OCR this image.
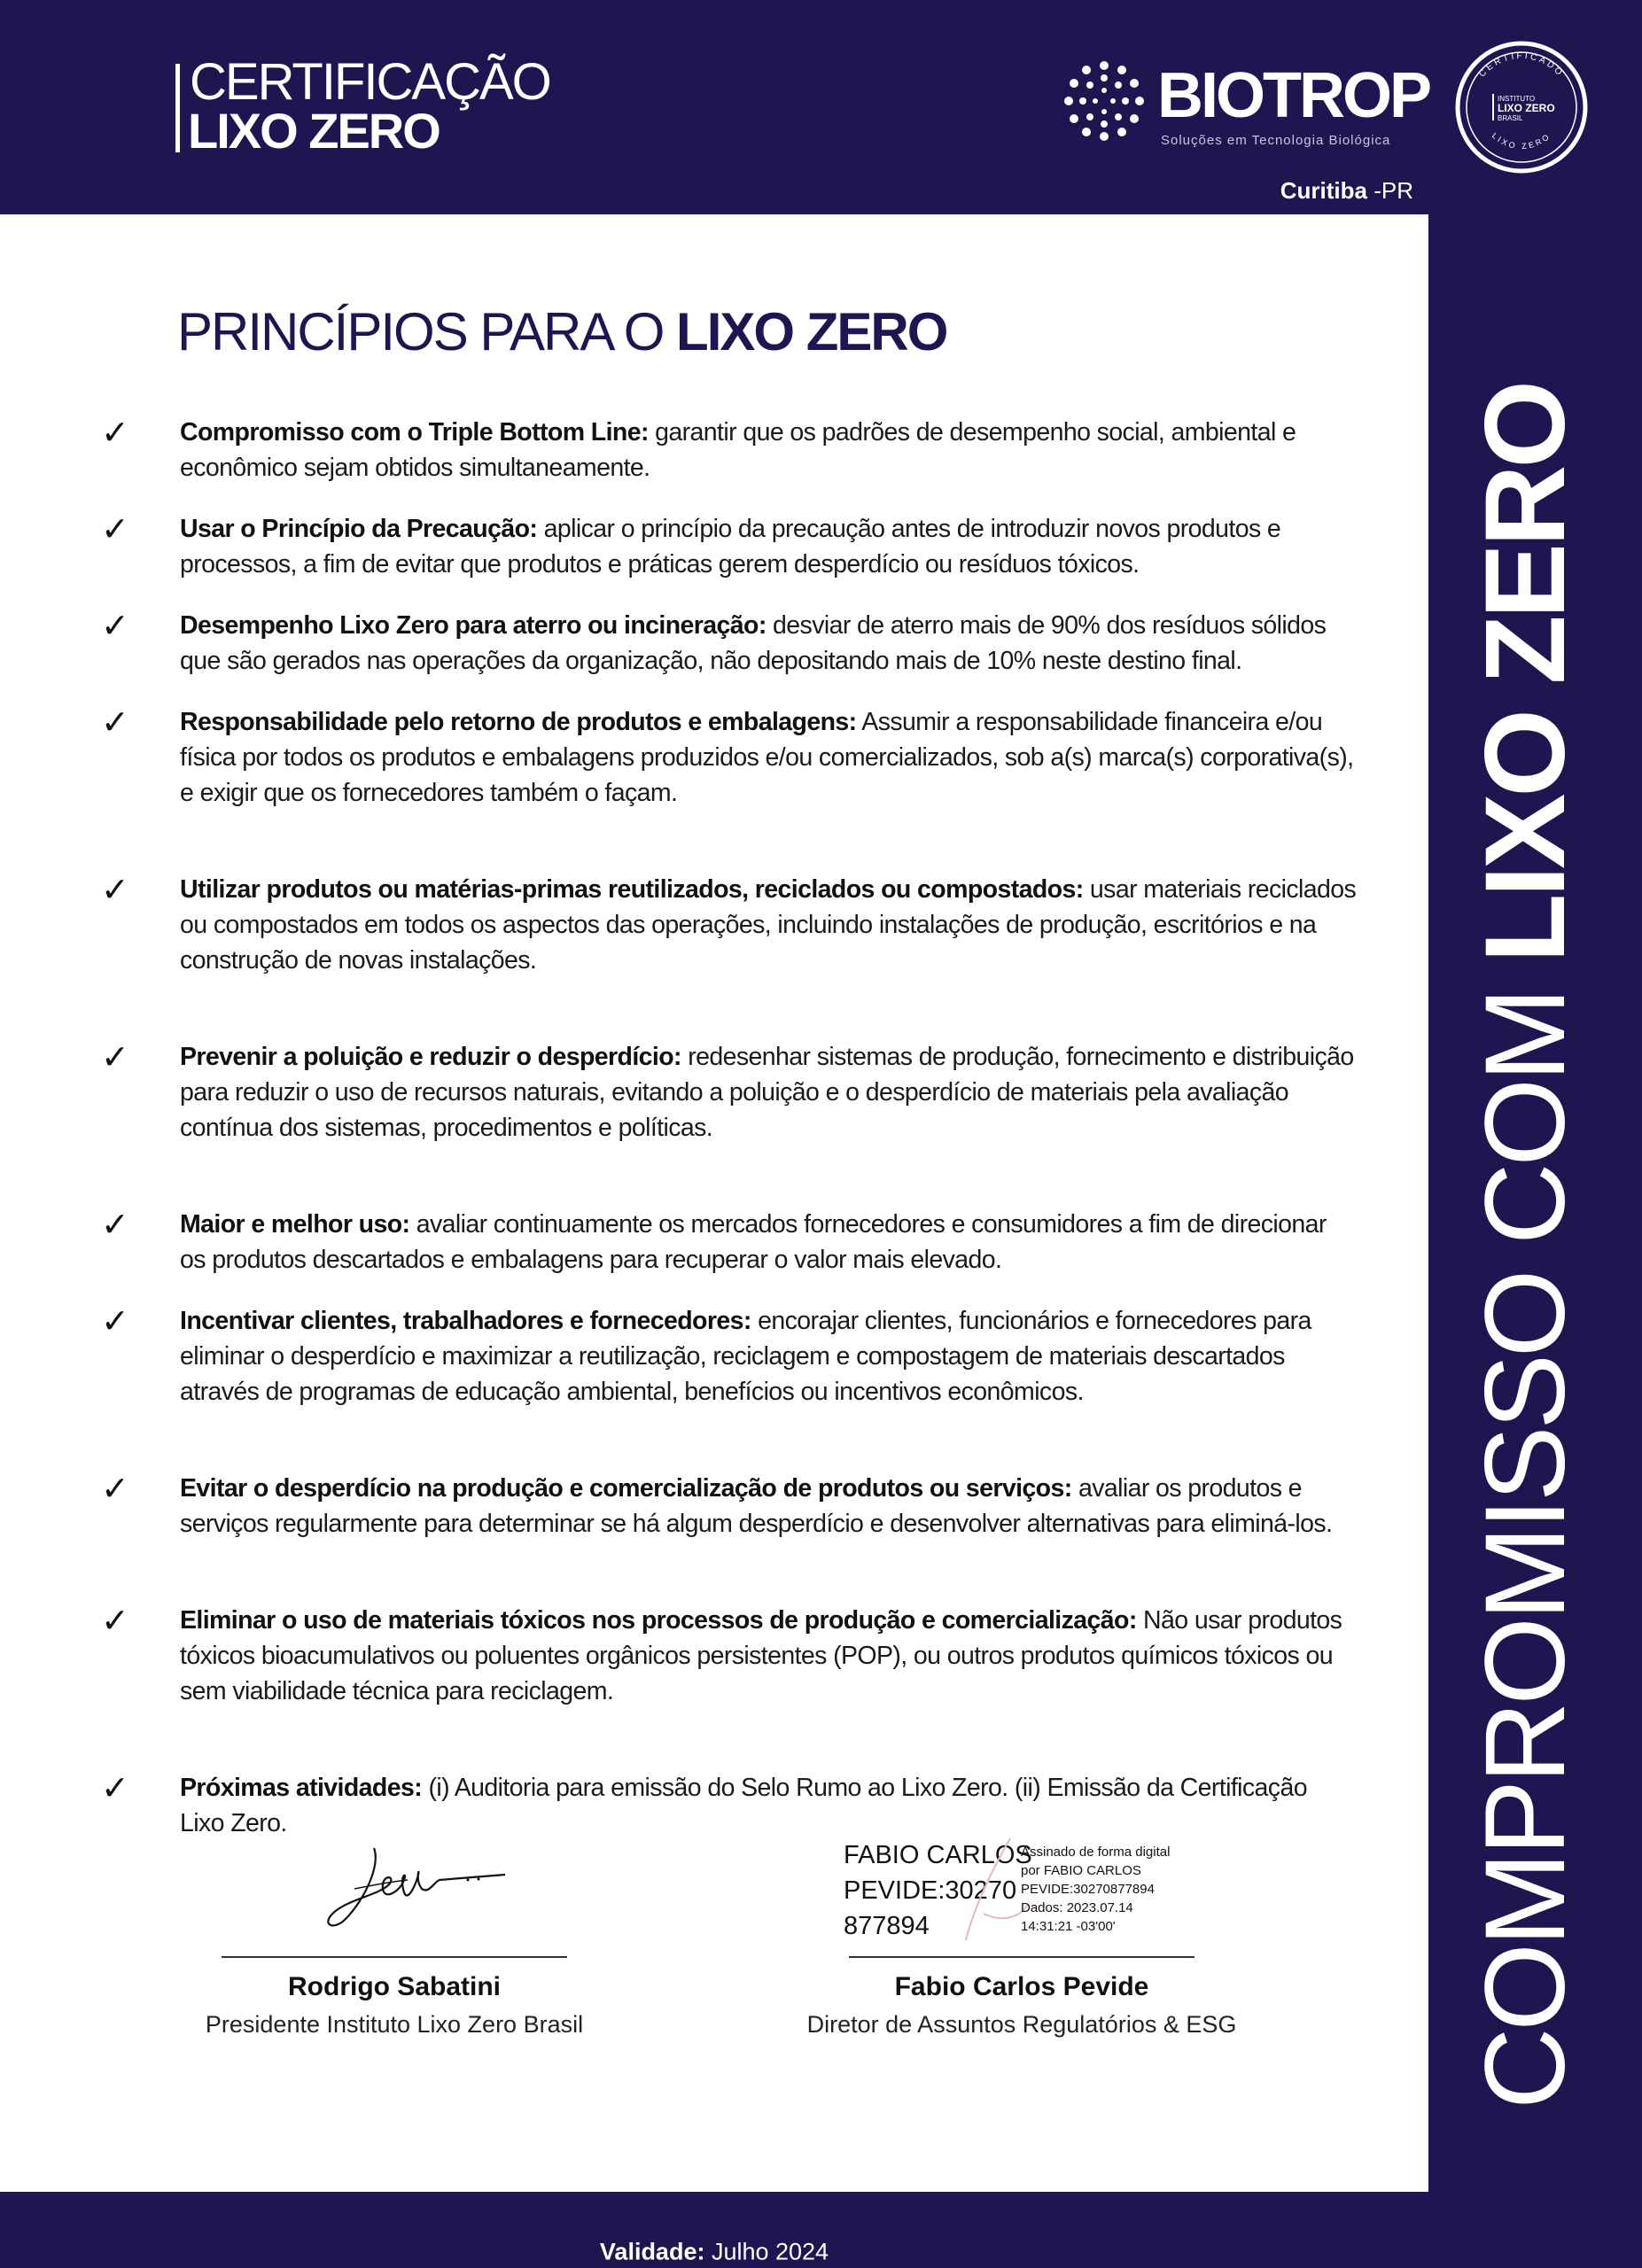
CERTIFICAÇÃO
LIXO ZERO	BIOTROP
Soluções em Tecnologia Biológica
CERTIFICADO
LIXO ZERO
INSTITUTO
LIXO ZERO
BRASIL
Curitiba -PR
COMPROMISSO COM LIXO ZERO
PRINCÍPIOS PARA O LIXO ZERO
✓ Compromisso com o Triple Bottom Line: garantir que os padrões de desempenho social, ambiental e econômico sejam obtidos simultaneamente.
✓ Usar o Princípio da Precaução: aplicar o princípio da precaução antes de introduzir novos produtos e processos, a fim de evitar que produtos e práticas gerem desperdício ou resíduos tóxicos.
✓ Desempenho Lixo Zero para aterro ou incineração: desviar de aterro mais de 90% dos resíduos sólidos que são gerados nas operações da organização, não depositando mais de 10% neste destino final.
✓ Responsabilidade pelo retorno de produtos e embalagens: Assumir a responsabilidade financeira e/ou física por todos os produtos e embalagens produzidos e/ou comercializados, sob a(s) marca(s) corporativa(s), e exigir que os fornecedores também o façam.
✓ Utilizar produtos ou matérias-primas reutilizados, reciclados ou compostados: usar materiais reciclados ou compostados em todos os aspectos das operações, incluindo instalações de produção, escritórios e na construção de novas instalações.
✓ Prevenir a poluição e reduzir o desperdício: redesenhar sistemas de produção, fornecimento e distribuição para reduzir o uso de recursos naturais, evitando a poluição e o desperdício de materiais pela avaliação contínua dos sistemas, procedimentos e políticas.
✓ Maior e melhor uso: avaliar continuamente os mercados fornecedores e consumidores a fim de direcionar os produtos descartados e embalagens para recuperar o valor mais elevado.
✓ Incentivar clientes, trabalhadores e fornecedores: encorajar clientes, funcionários e fornecedores para eliminar o desperdício e maximizar a reutilização, reciclagem e compostagem de materiais descartados através de programas de educação ambiental, benefícios ou incentivos econômicos.
✓ Evitar o desperdício na produção e comercialização de produtos ou serviços: avaliar os produtos e serviços regularmente para determinar se há algum desperdício e desenvolver alternativas para eliminá-los.
✓ Eliminar o uso de materiais tóxicos nos processos de produção e comercialização: Não usar produtos tóxicos bioacumulativos ou poluentes orgânicos persistentes (POP), ou outros produtos químicos tóxicos ou sem viabilidade técnica para reciclagem.
✓ Próximas atividades: (i) Auditoria para emissão do Selo Rumo ao Lixo Zero. (ii) Emissão da Certificação Lixo Zero.
Rodrigo Sabatini
Presidente Instituto Lixo Zero Brasil
FABIO CARLOS
PEVIDE:30270
877894
Assinado de forma digital
por FABIO CARLOS
PEVIDE:30270877894
Dados: 2023.07.14
14:31:21 -03'00'
Fabio Carlos Pevide
Diretor de Assuntos Regulatórios & ESG
Validade: Julho 2024
